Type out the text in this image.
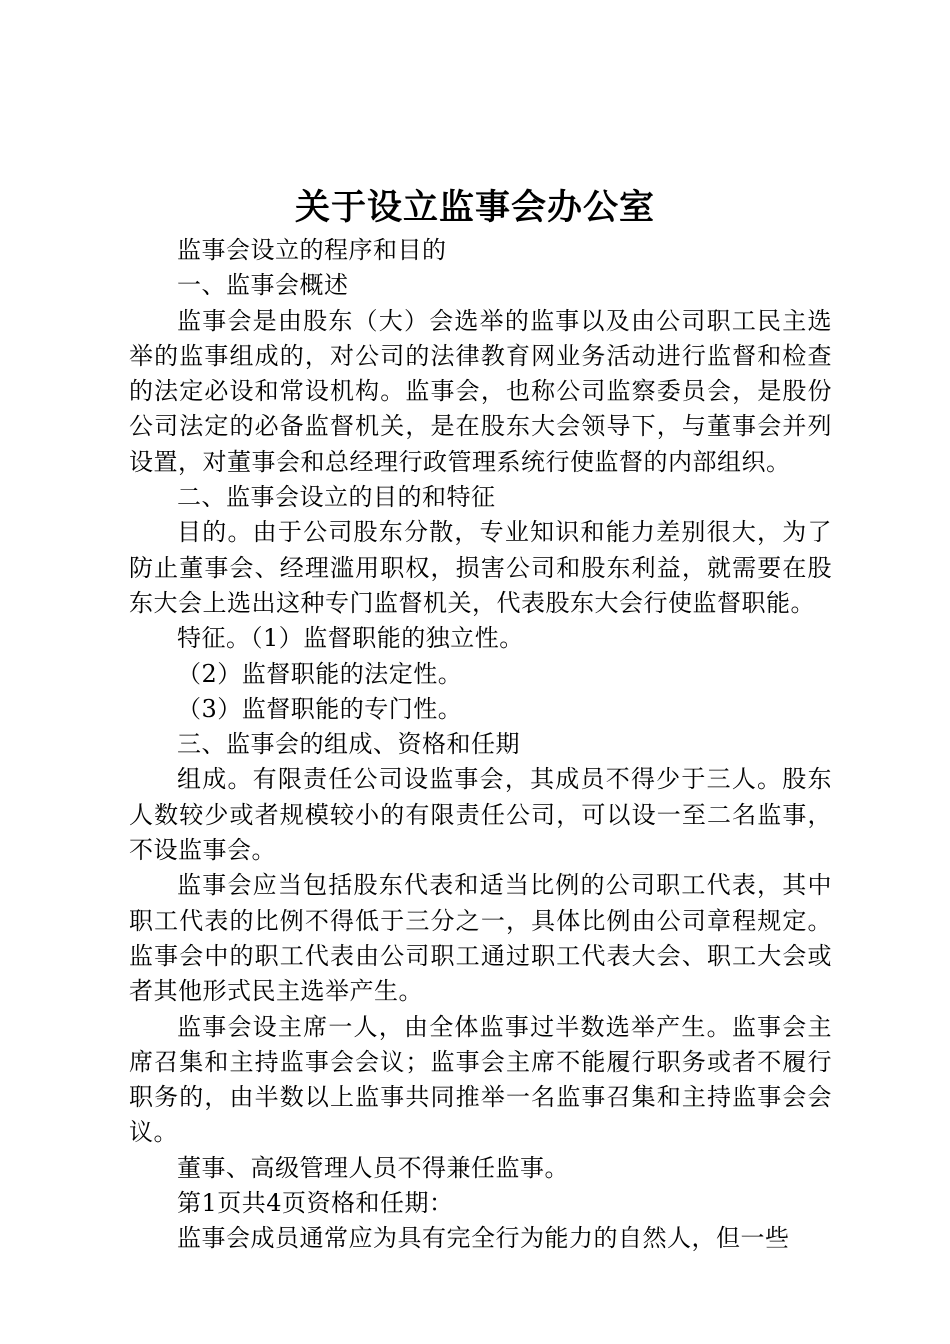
关于设立监事会办公室

监事会设立的程序和目的

一、监事会概述

监事会是由股东（大）会选举的监事以及由公司职工民主选举的监事组成的，对公司的法律教育网业务活动进行监督和检查的法定必设和常设机构。监事会，也称公司监察委员会，是股份公司法定的必备监督机关，是在股东大会领导下，与董事会并列设置，对董事会和总经理行政管理系统行使监督的内部组织。

二、监事会设立的目的和特征

目的。由于公司股东分散，专业知识和能力差别很大，为了防止董事会、经理滥用职权，损害公司和股东利益，就需要在股东大会上选出这种专门监督机关，代表股东大会行使监督职能。

特征。（1）监督职能的独立性。

（2）监督职能的法定性。

（3）监督职能的专门性。

三、监事会的组成、资格和任期

组成。有限责任公司设监事会，其成员不得少于三人。股东人数较少或者规模较小的有限责任公司，可以设一至二名监事，不设监事会。

监事会应当包括股东代表和适当比例的公司职工代表，其中职工代表的比例不得低于三分之一，具体比例由公司章程规定。监事会中的职工代表由公司职工通过职工代表大会、职工大会或者其他形式民主选举产生。

监事会设主席一人，由全体监事过半数选举产生。监事会主席召集和主持监事会会议；监事会主席不能履行职务或者不履行职务的，由半数以上监事共同推举一名监事召集和主持监事会会议。

董事、高级管理人员不得兼任监事。

第1页共4页资格和任期：

监事会成员通常应为具有完全行为能力的自然人，但一些
